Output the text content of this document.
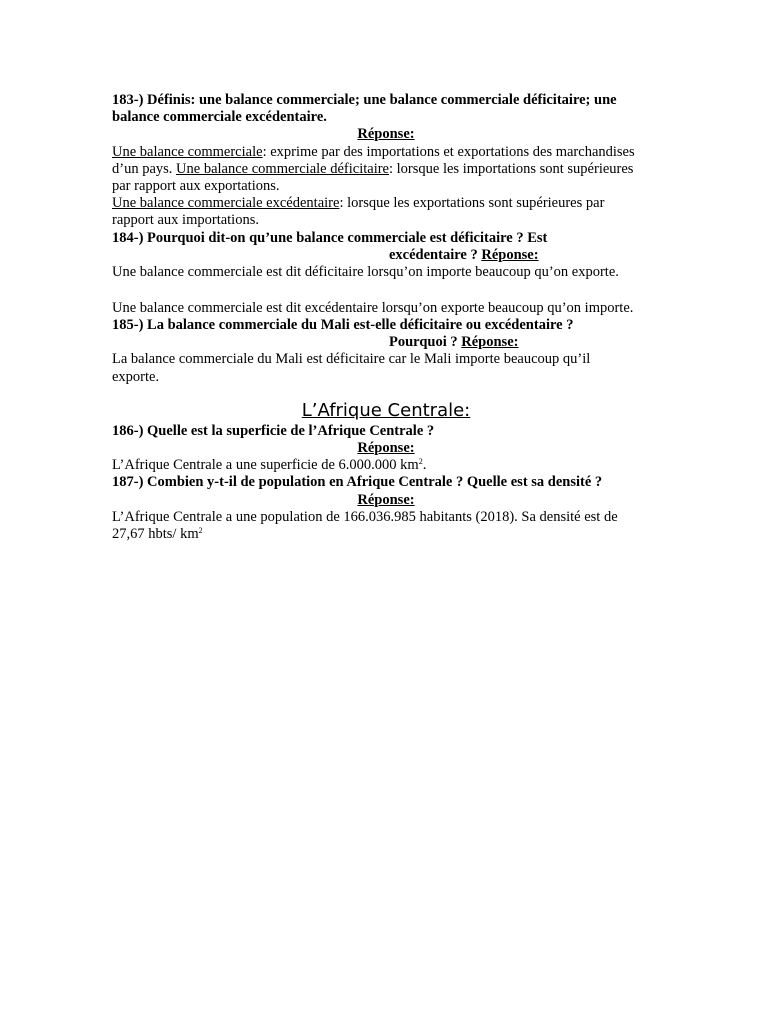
183-) Définis: une balance commerciale; une balance commerciale déficitaire; une

balance commerciale excédentaire.

Réponse:

Une balance commerciale: exprime par des importations et exportations des marchandises

d’un pays. Une balance commerciale déficitaire: lorsque les importations sont supérieures

par rapport aux exportations.

Une balance commerciale excédentaire: lorsque les exportations sont supérieures par

rapport aux importations.

184-) Pourquoi dit-on qu’une balance commerciale est déficitaire ? Est

excédentaire ? Réponse:

Une balance commerciale est dit déficitaire lorsqu’on importe beaucoup qu’on exporte.

Une balance commerciale est dit excédentaire lorsqu’on exporte beaucoup qu’on importe.

185-) La balance commerciale du Mali est-elle déficitaire ou excédentaire ?

Pourquoi ? Réponse:

La balance commerciale du Mali est déficitaire car le Mali importe beaucoup qu’il

exporte.

L’Afrique Centrale:

186-) Quelle est la superficie de l’Afrique Centrale ?

Réponse:

L’Afrique Centrale a une superficie de 6.000.000 $km^2$.

187-) Combien y-t-il de population en Afrique Centrale ? Quelle est sa densité ?

Réponse:

L’Afrique Centrale a une population de 166.036.985 habitants (2018). Sa densité est de

27,67 hbts/ $km^2$
